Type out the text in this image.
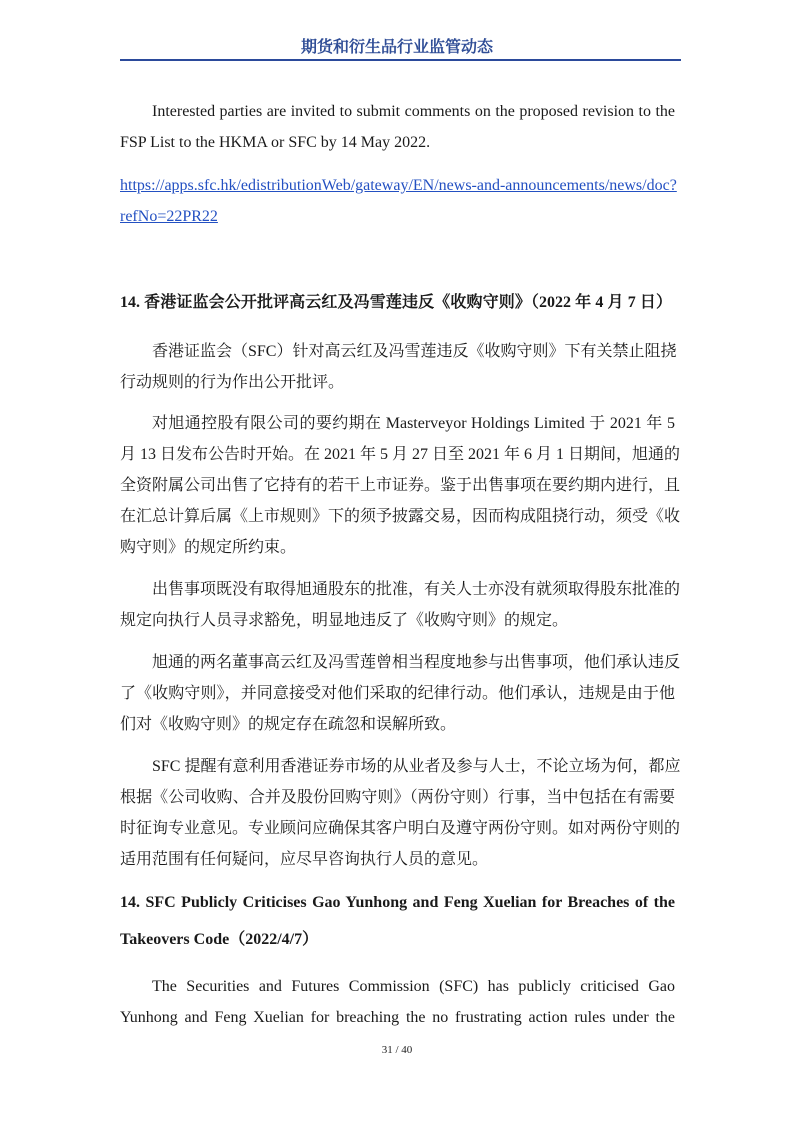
期货和衍生品行业监管动态
Interested parties are invited to submit comments on the proposed revision to the
FSP List to the HKMA or SFC by 14 May 2022.
https://apps.sfc.hk/edistributionWeb/gateway/EN/news-and-announcements/news/doc?
refNo=22PR22
14. 香港证监会公开批评高云红及冯雪莲违反《收购守则》（2022 年 4 月 7 日）
香港证监会（SFC）针对高云红及冯雪莲违反《收购守则》下有关禁止阻挠
行动规则的行为作出公开批评。
对旭通控股有限公司的要约期在 Masterveyor Holdings Limited 于 2021 年 5
月 13 日发布公告时开始。在 2021 年 5 月 27 日至 2021 年 6 月 1 日期间，旭通的
全资附属公司出售了它持有的若干上市证券。鉴于出售事项在要约期内进行，且
在汇总计算后属《上市规则》下的须予披露交易，因而构成阻挠行动，须受《收
购守则》的规定所约束。
出售事项既没有取得旭通股东的批准，有关人士亦没有就须取得股东批准的
规定向执行人员寻求豁免，明显地违反了《收购守则》的规定。
旭通的两名董事高云红及冯雪莲曾相当程度地参与出售事项，他们承认违反
了《收购守则》，并同意接受对他们采取的纪律行动。他们承认，违规是由于他
们对《收购守则》的规定存在疏忽和误解所致。
SFC 提醒有意利用香港证券市场的从业者及参与人士，不论立场为何，都应
根据《公司收购、合并及股份回购守则》（两份守则）行事，当中包括在有需要
时征询专业意见。专业顾问应确保其客户明白及遵守两份守则。如对两份守则的
适用范围有任何疑问，应尽早咨询执行人员的意见。
14. SFC Publicly Criticises Gao Yunhong and Feng Xuelian for Breaches of the
Takeovers Code（2022/4/7）
The Securities and Futures Commission (SFC) has publicly criticised Gao
Yunhong and Feng Xuelian for breaching the no frustrating action rules under the
31 / 40
